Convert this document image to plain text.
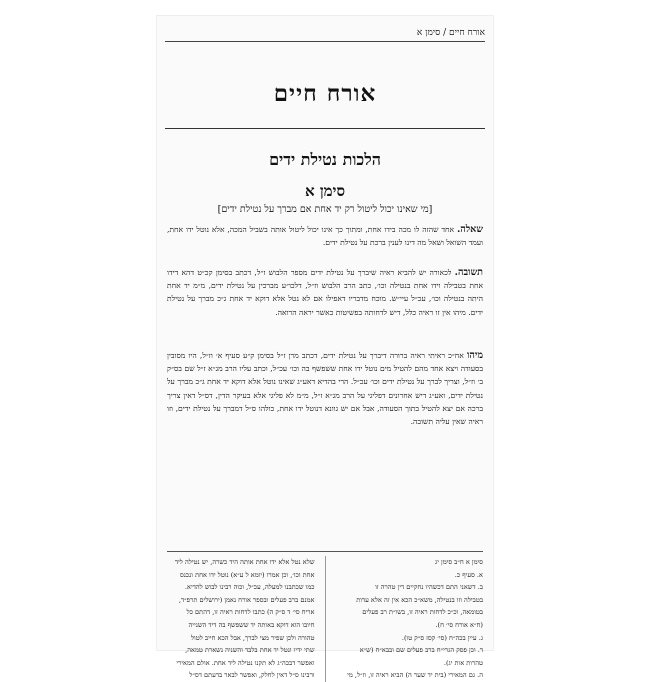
אורח חיים / סימן א
אורח חיים
הלכות נטילת ידים
סימן א
[מי שאינו יכול ליטול רק יד אחת אם מברך על נטילת ידים]

שאלה. אחד שהזה לו מכה בידו אחת, ומתוך כך אינו יכול ליטול אותה בשביל המכה, אלא נוטל ידו אחת, ועמד השואל ושאל מה דינו לענין ברכת על נטילת ידים.

תשובה. לכאורה יש להביא ראיה שיברך על נטילת ידים מספר הלבוש ז״ל, דכתב בסימן קכ״ט דהא דידו אחת בטבילה וידו אחת בנטילה וכו׳, כתב הרב הלבוש וז״ל, דלכו״ע מברכין על נטילת ידים, מ״מ יד אחת היתה בנטילה וכו׳, עכ״ל עיי״ש. מוכח מדבריו דאפילו אם לא נטל אלא דוקא יד אחת ג״כ מברך על נטילת ידים. מיהו אין זו ראיה כלל, דיש לדחותה בפשיטות כאשר יראה הרואה.

מיהו אח״כ ראיתי ראיה ברורה דיברך על נטילת ידים, דכתב מרן ז״ל בסימן ק״ע סעיף א׳ וז״ל, היו מסובין בסעודה ויצא אחד מהם להטיל מים נוטל ידו אחת ששפשף בה וכו׳ עכ״ל, וכתב עליו הרב מג״א ז״ל שם בס״ק ב׳ וז״ל, וצריך לברך על נטילת ידים וכו׳ עכ״ל. הרי בהדיא דאע״ג שאינו נוטל אלא דוקא יד אחת ג״כ מברך על נטילת ידים, ואע״ג דיש אחרונים דפליגי על הרב מג״א ז״ל, מ״מ לא פליגי אלא בעיקר הדין, דס״ל דאין צריך ברכה אם יצא להטיל בתוך הסעודה, אבל אם יש גוונא דנוטל ידו אחת, כולהו ס״ל דמברך על נטילת ידים, וזו ראיה שאין עליה תשובה.

סימן א ח״ב סימן יג
א. סעיף כ.
ב. דשאני התם דכשהיו נחקיים דין טהרה זו
בטבילה וזו בנטילה, משא״כ הכא אין זה אלא עדות
בטומאה, וכ״כ לדחות ראיה זו, בשו״ת רב פעלים
(ח״א אורח סי׳ ח).
ג. עיין בכה״ח (סי׳ קסז ס״ק טו).
ד. וכן פסק הגרי״ח ברב פעלים שם ובבא״ח (ש״א
טהרות אות יג).
ה. גם המאירי (בית יד שער ה) הביא ראיה זו, וז״ל, מי
שלא נטל אלא ידו אחת אותה היד כשרה, יש נטילה ליד
אחת וכו׳, וכן אמרו (יומא ל ע״א) נוטל ידו אחת ונכנס
כמו שכתבנו למעלה, עכ״ל, וכוה רבינו לבוש להדיא.
אמנם ברב פעלים ובספר אורח נאמן (ירושלים תרפ״ד,
אריח סי׳ ד ס״ק ה) כתבו לדחות ראיה זו, דהתם כל
חיובו הוא דוקא באותה יד ששפשף בה דיד השנייה
טהורה ולכן שפיר מצי לברך, אבל הכא חייב לטול
שתי ידיו ונטל יד אחת בלבד והשניה נשארת טמאה,
ואפשר דבכה״ג לא תקנו נטילה ליד אחת. אולם המאירי
ורבינו ס״ל דאין לחלק, ואפשר לבאר בדעתם דס״ל
